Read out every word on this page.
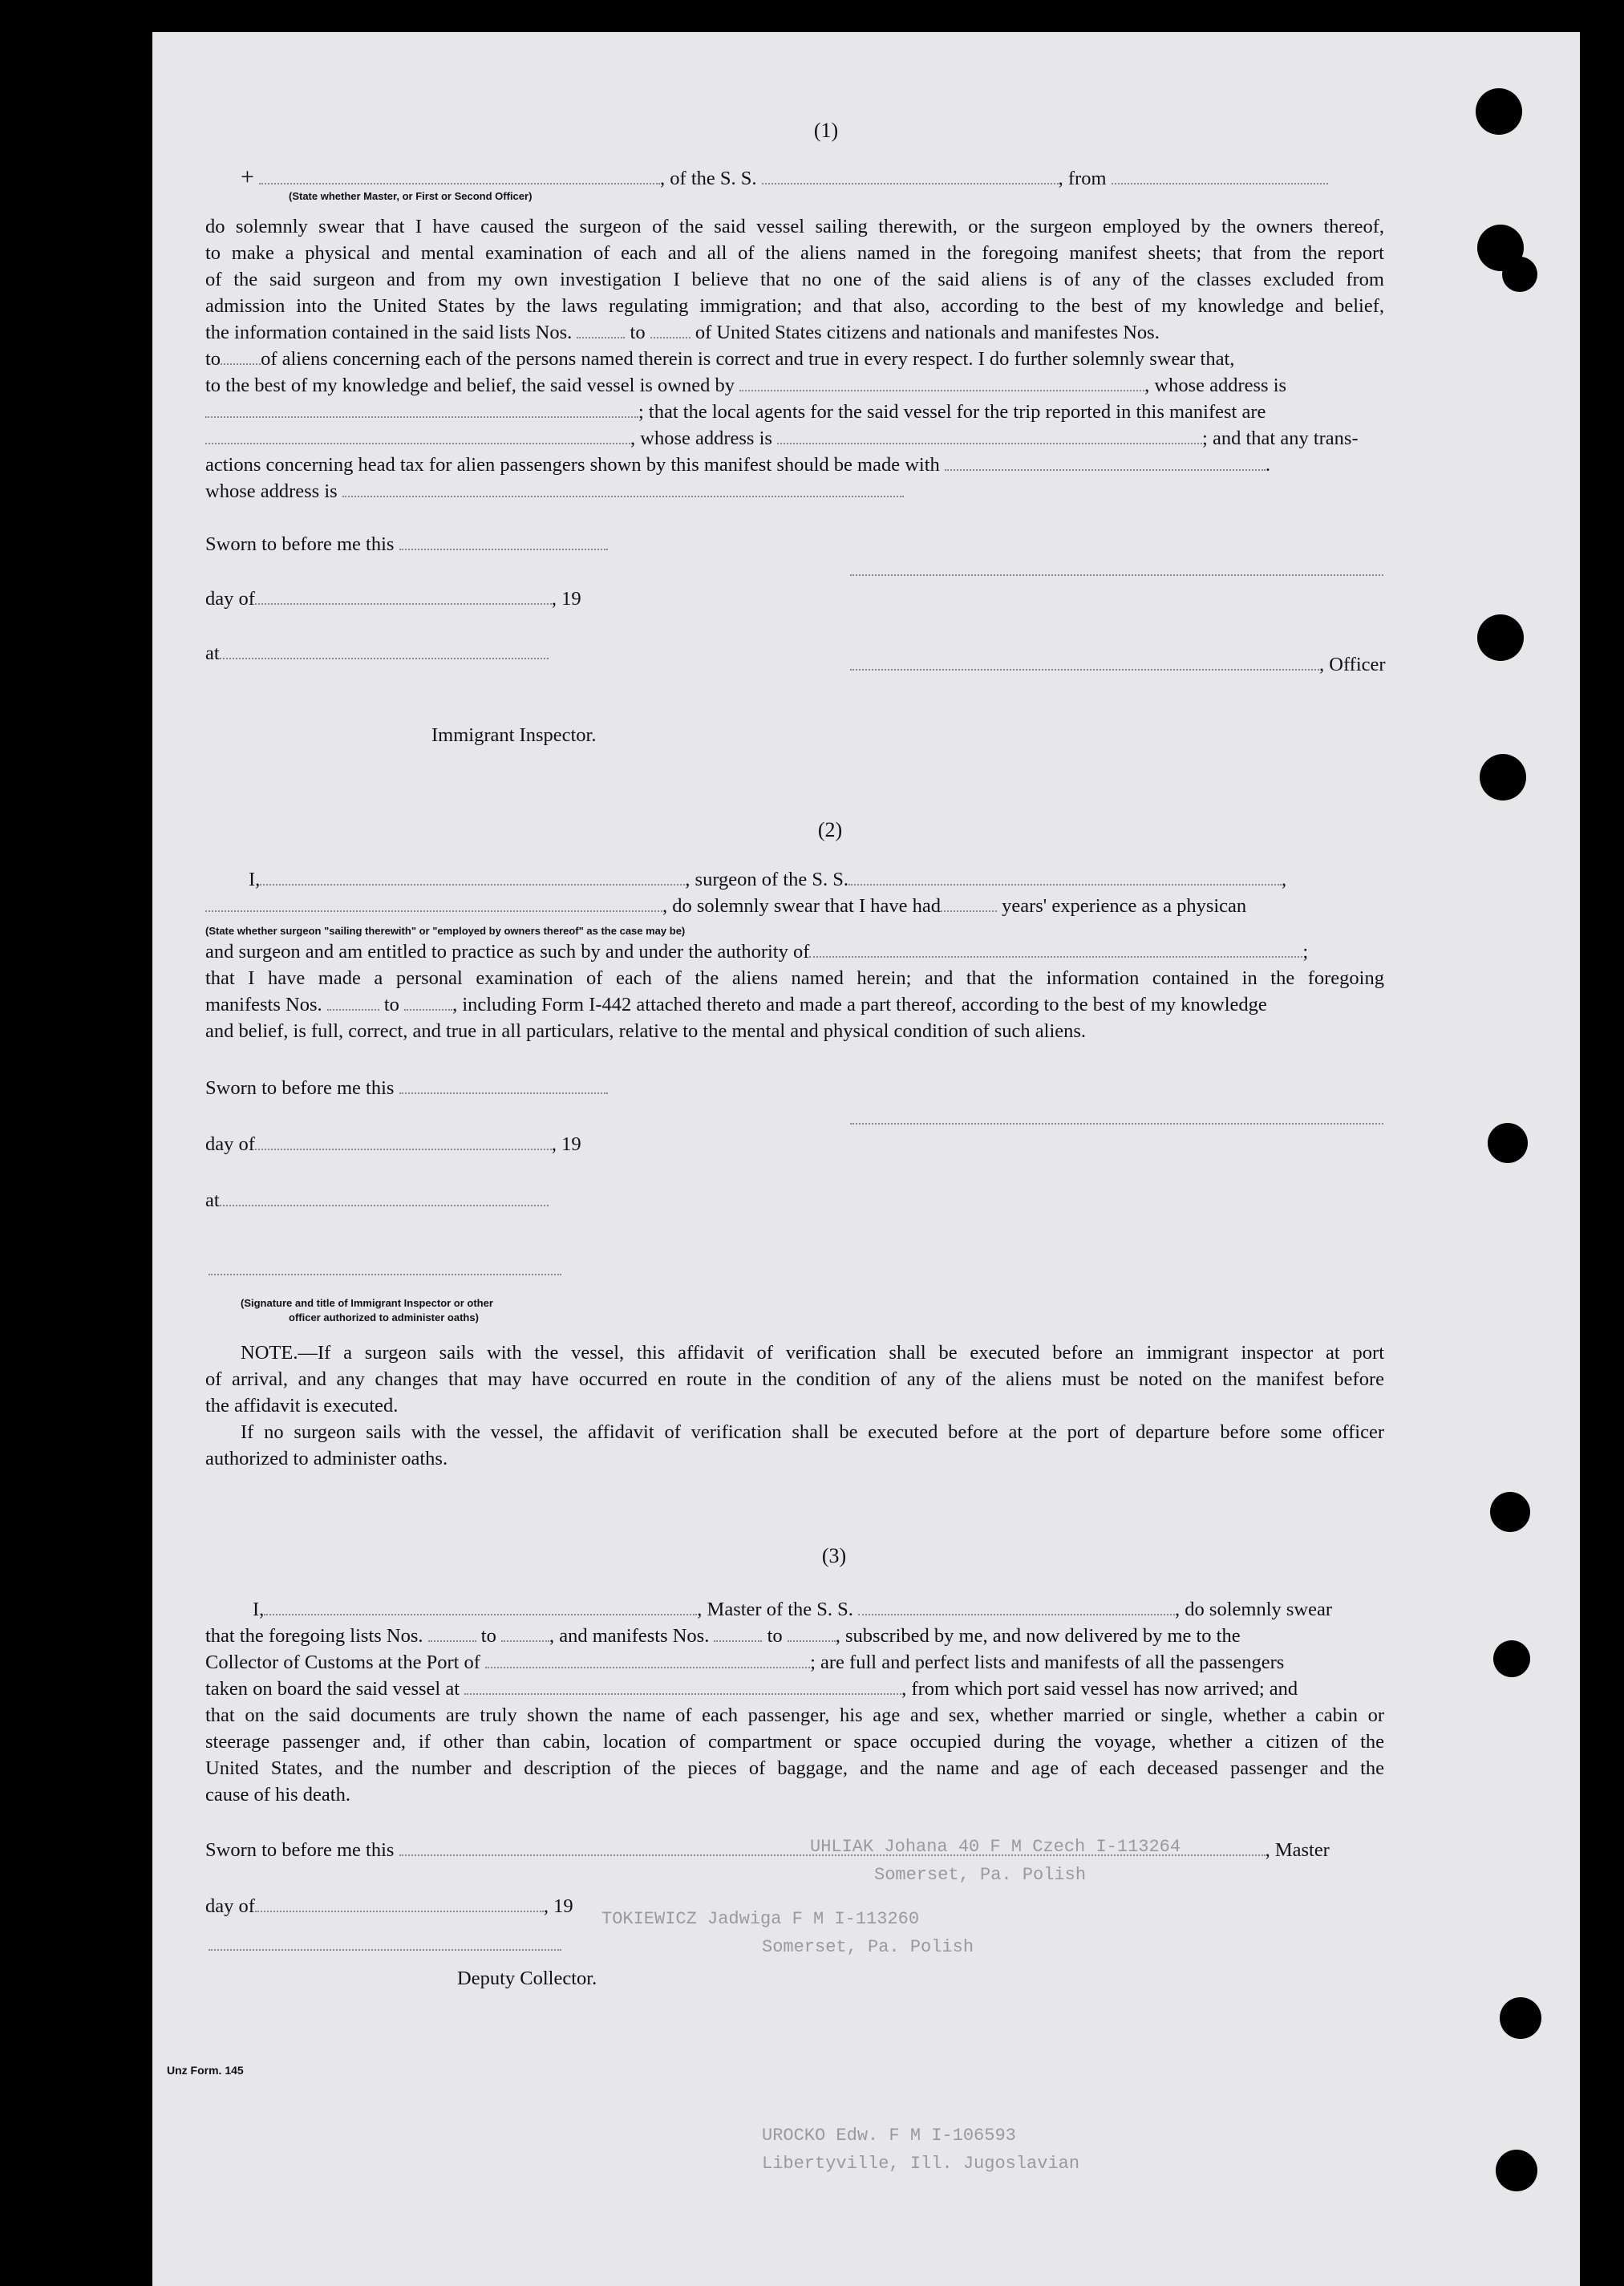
UHLIAK Johana 40 F M Czech I-113264
Somerset, Pa. Polish
TOKIEWICZ Jadwiga F M I-113260
Somerset, Pa. Polish
UROCKO Edw. F M I-106593
Libertyville, Ill. Jugoslavian
(1)
+	, of the S. S.	, from
(State whether Master, or First or Second Officer)
do solemnly swear that I have caused the surgeon of the said vessel sailing therewith, or the surgeon employed by the owners thereof,
to make a physical and mental examination of each and all of the aliens named in the foregoing manifest sheets; that from the report
of the said surgeon and from my own investigation I believe that no one of the said aliens is of any of the classes excluded from
admission into the United States by the laws regulating immigration; and that also, according to the best of my knowledge and belief,
the information contained in the said lists Nos.	to	of United States citizens and nationals and manifestes Nos.
to of aliens concerning each of the persons named therein is correct and true in every respect. I do further solemnly swear that,
to the best of my knowledge and belief, the said vessel is owned by	, whose address is
; that the local agents for the said vessel for the trip reported in this manifest are
, whose address is	; and that any trans-
actions concerning head tax for alien passengers shown by this manifest should be made with	.
whose address is
Sworn to before me this
day of	, 19
at
, Officer
Immigrant Inspector.
(2)
I,	, surgeon of the S. S.	,
, do solemnly swear that I have had	years' experience as a physican
(State whether surgeon "sailing therewith" or "employed by owners thereof" as the case may be)
and surgeon and am entitled to practice as such by and under the authority of	;
that I have made a personal examination of each of the aliens named herein; and that the information contained in the foregoing
manifests Nos.	to	, including Form I-442 attached thereto and made a part thereof, according to the best of my knowledge
and belief, is full, correct, and true in all particulars, relative to the mental and physical condition of such aliens.
Sworn to before me this
day of	, 19
at
(Signature and title of Immigrant Inspector or other
officer authorized to administer oaths)
NOTE.—If a surgeon sails with the vessel, this affidavit of verification shall be executed before an immigrant inspector at port
of arrival, and any changes that may have occurred en route in the condition of any of the aliens must be noted on the manifest before
the affidavit is executed.
If no surgeon sails with the vessel, the affidavit of verification shall be executed before at the port of departure before some officer
authorized to administer oaths.
(3)
I,	, Master of the S. S.	, do solemnly swear
that the foregoing lists Nos.	to	, and manifests Nos.	to	, subscribed by me, and now delivered by me to the
Collector of Customs at the Port of	; are full and perfect lists and manifests of all the passengers
taken on board the said vessel at	, from which port said vessel has now arrived; and
that on the said documents are truly shown the name of each passenger, his age and sex, whether married or single, whether a cabin or
steerage passenger and, if other than cabin, location of compartment or space occupied during the voyage, whether a citizen of the
United States, and the number and description of the pieces of baggage, and the name and age of each deceased passenger and the
cause of his death.
Sworn to before me this	, Master
day of	, 19
Deputy Collector.
Unz Form. 145
